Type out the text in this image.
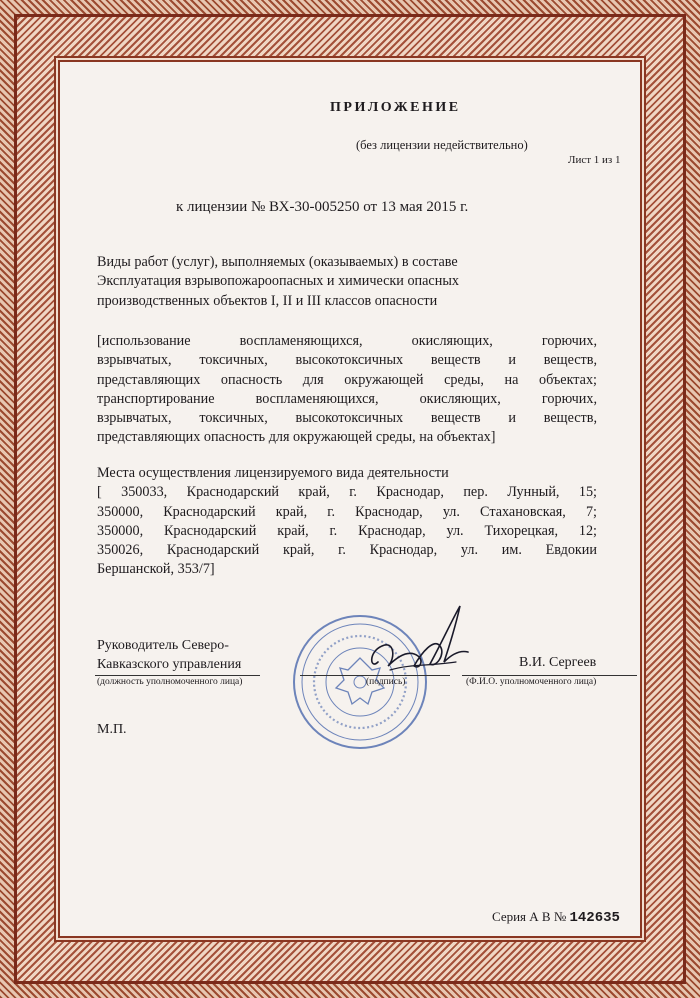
ПРИЛОЖЕНИЕ
(без лицензии недействительно)
Лист 1 из 1
к лицензии № ВХ-30-005250 от 13 мая 2015 г.
Виды работ (услуг), выполняемых (оказываемых) в составе
Эксплуатация взрывопожароопасных и химически опасных
производственных объектов I, II и III классов опасности
[использование воспламеняющихся, окисляющих, горючих,
взрывчатых, токсичных, высокотоксичных веществ и веществ,
представляющих опасность для окружающей среды, на объектах;
транспортирование воспламеняющихся, окисляющих, горючих,
взрывчатых, токсичных, высокотоксичных веществ и веществ,
представляющих опасность для окружающей среды, на объектах]
Места осуществления лицензируемого вида деятельности
[ 350033, Краснодарский край, г. Краснодар, пер. Лунный, 15;
350000, Краснодарский край, г. Краснодар, ул. Стахановская, 7;
350000, Краснодарский край, г. Краснодар, ул. Тихорецкая, 12;
350026, Краснодарский край, г. Краснодар, ул. им. Евдокии
Бершанской, 353/7]
Руководитель Северо-
Кавказского управления
(должность уполномоченного лица)	(подпись)
В.И. Сергеев
(Ф.И.О. уполномоченного лица)
М.П.
Серия А В № 142635
